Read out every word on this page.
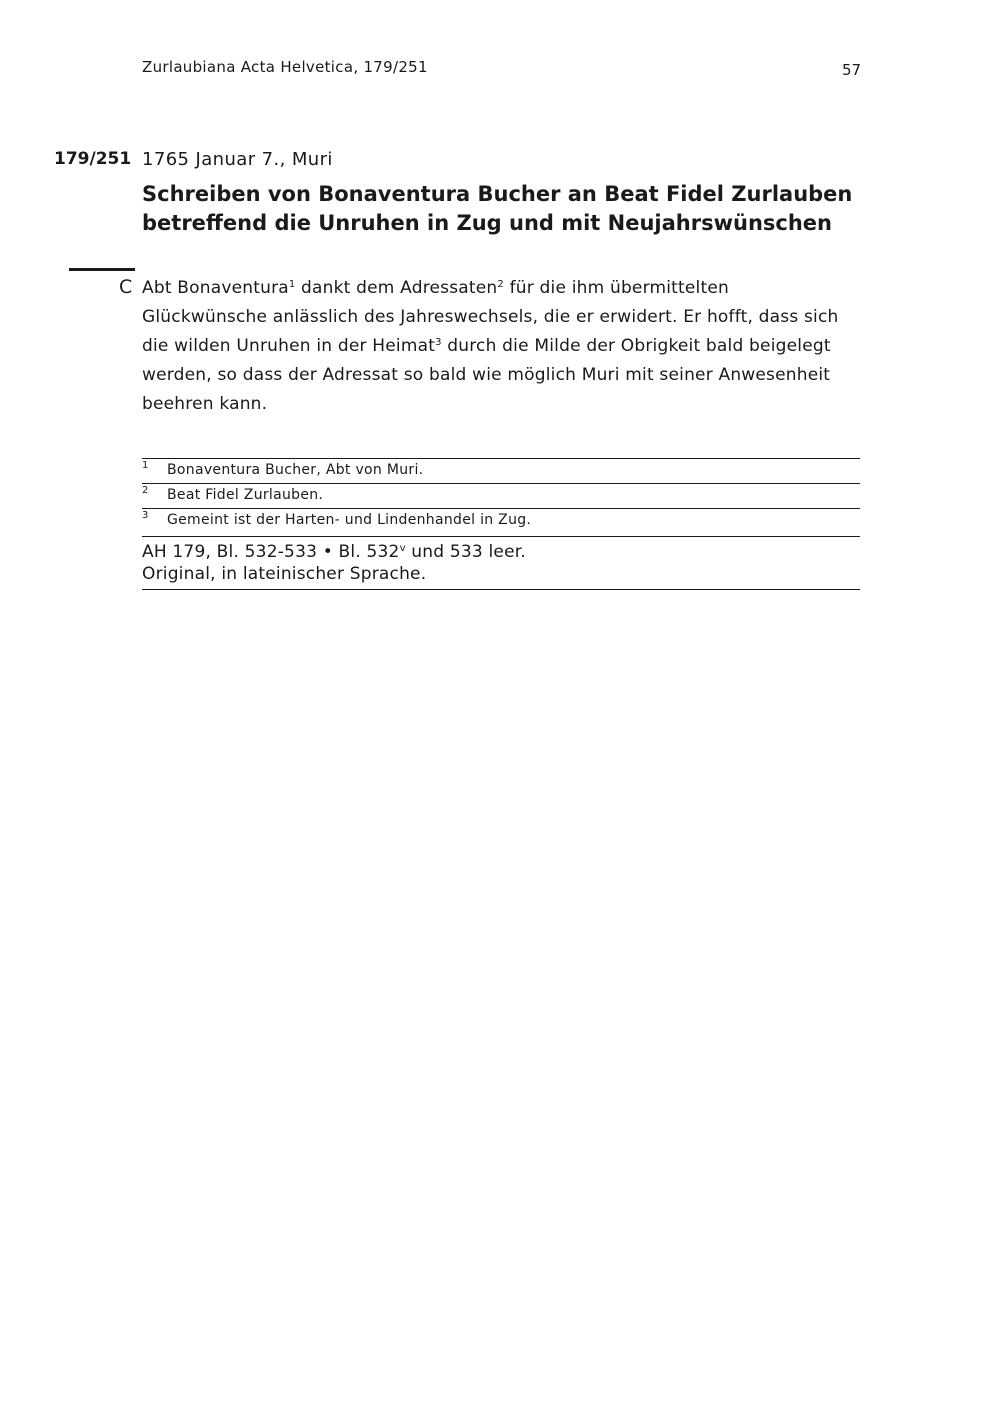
Zurlaubiana Acta Helvetica, 179/251	57
179/251 1765 Januar 7., Muri
Schreiben von Bonaventura Bucher an Beat Fidel Zurlauben
betreffend die Unruhen in Zug und mit Neujahrswünschen
C Abt Bonaventura$^1$ dankt dem Adressaten$^2$ für die ihm übermittelten
Glückwünsche anlässlich des Jahreswechsels, die er erwidert. Er hofft, dass sich
die wilden Unruhen in der Heimat$^3$ durch die Milde der Obrigkeit bald beigelegt
werden, so dass der Adressat so bald wie möglich Muri mit seiner Anwesenheit
beehren kann.
1 Bonaventura Bucher, Abt von Muri.
2 Beat Fidel Zurlauben.
3 Gemeint ist der Harten- und Lindenhandel in Zug.
AH 179, Bl. 532-533 • Bl. 532$^v$ und 533 leer.
Original, in lateinischer Sprache.
